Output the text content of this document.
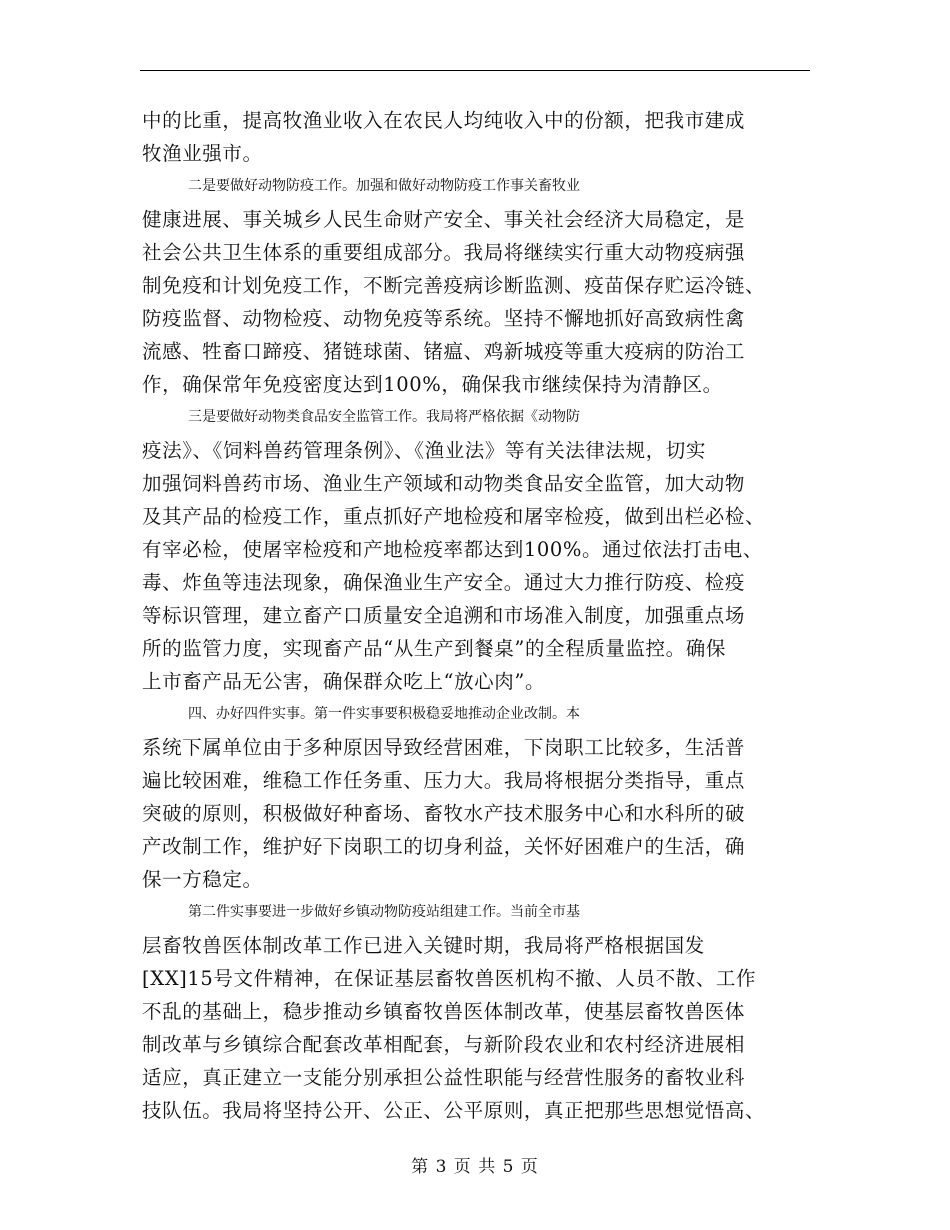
中的比重，提高牧渔业收入在农民人均纯收入中的份额，把我市建成
牧渔业强市。
二是要做好动物防疫工作。加强和做好动物防疫工作事关畜牧业
健康进展、事关城乡人民生命财产安全、事关社会经济大局稳定，是
社会公共卫生体系的重要组成部分。我局将继续实行重大动物疫病强
制免疫和计划免疫工作，不断完善疫病诊断监测、疫苗保存贮运冷链、
防疫监督、动物检疫、动物免疫等系统。坚持不懈地抓好高致病性禽
流感、牲畜口蹄疫、猪链球菌、锗瘟、鸡新城疫等重大疫病的防治工
作，确保常年免疫密度达到100%，确保我市继续保持为清静区。
三是要做好动物类食品安全监管工作。我局将严格依据《动物防
疫法》、《饲料兽药管理条例》、《渔业法》等有关法律法规，切实
加强饲料兽药市场、渔业生产领域和动物类食品安全监管，加大动物
及其产品的检疫工作，重点抓好产地检疫和屠宰检疫，做到出栏必检、
有宰必检，使屠宰检疫和产地检疫率都达到100%。通过依法打击电、
毒、炸鱼等违法现象，确保渔业生产安全。通过大力推行防疫、检疫
等标识管理，建立畜产口质量安全追溯和市场准入制度，加强重点场
所的监管力度，实现畜产品“从生产到餐桌”的全程质量监控。确保
上市畜产品无公害，确保群众吃上“放心肉”。
四、办好四件实事。第一件实事要积极稳妥地推动企业改制。本
系统下属单位由于多种原因导致经营困难，下岗职工比较多，生活普
遍比较困难，维稳工作任务重、压力大。我局将根据分类指导，重点
突破的原则，积极做好种畜场、畜牧水产技术服务中心和水科所的破
产改制工作，维护好下岗职工的切身利益，关怀好困难户的生活，确
保一方稳定。
第二件实事要进一步做好乡镇动物防疫站组建工作。当前全市基
层畜牧兽医体制改革工作已进入关键时期，我局将严格根据国发
[XX]15号文件精神，在保证基层畜牧兽医机构不撤、人员不散、工作
不乱的基础上，稳步推动乡镇畜牧兽医体制改革，使基层畜牧兽医体
制改革与乡镇综合配套改革相配套，与新阶段农业和农村经济进展相
适应，真正建立一支能分别承担公益性职能与经营性服务的畜牧业科
技队伍。我局将坚持公开、公正、公平原则，真正把那些思想觉悟高、
第 3 页 共 5 页
